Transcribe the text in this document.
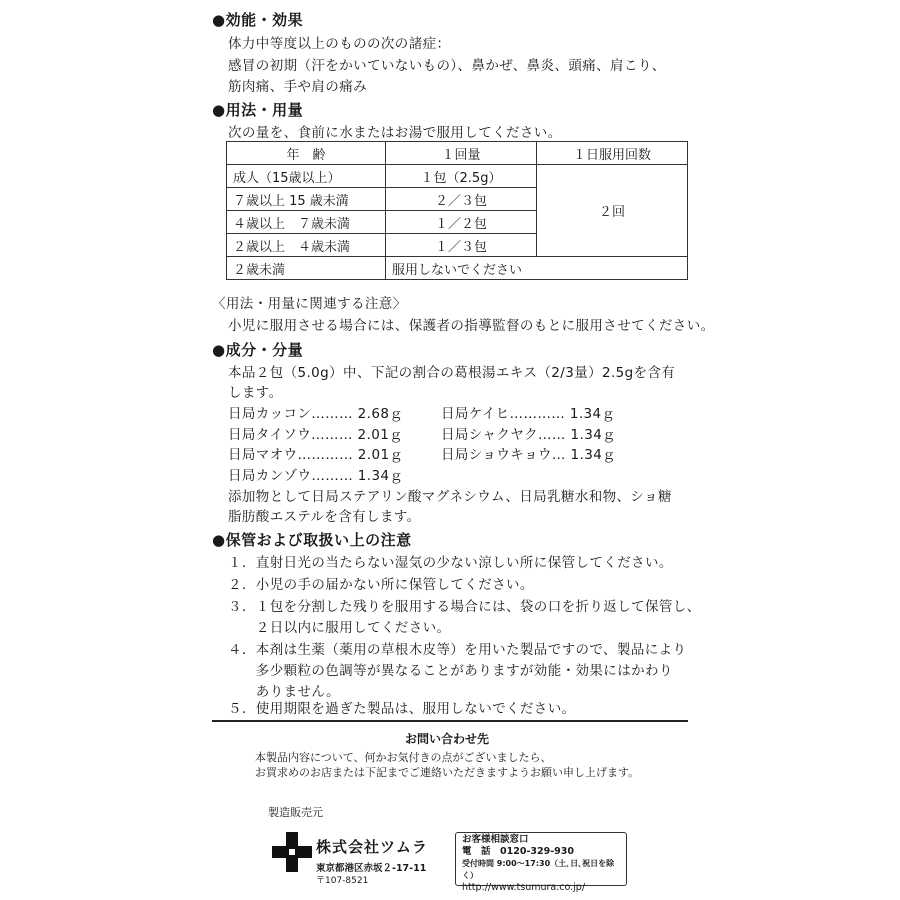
●効能・効果
体力中等度以上のものの次の諸症：
感冒の初期（汗をかいていないもの）、鼻かぜ、鼻炎、頭痛、肩こり、
筋肉痛、手や肩の痛み
●用法・用量
次の量を、食前に水またはお湯で服用してください。
年　齢	１回量	１日服用回数
成人（15歳以上）	１包（2.5g）	２回
７歳以上 15 歳未満	２／３包	
４歳以上　７歳未満	１／２包	
２歳以上　４歳未満	１／３包	
２歳未満	服用しないでください	
〈用法・用量に関連する注意〉
小児に服用させる場合には、保護者の指導監督のもとに服用させてください。
●成分・分量
本品２包（5.0g）中、下記の割合の葛根湯エキス（2/3量）2.5gを含有
します。
日局カッコン……… 2.68ｇ	日局ケイヒ………… 1.34ｇ
日局タイソウ……… 2.01ｇ	日局シャクヤク…… 1.34ｇ
日局マオウ………… 2.01ｇ	日局ショウキョウ… 1.34ｇ
日局カンゾウ……… 1.34ｇ
添加物として日局ステアリン酸マグネシウム、日局乳糖水和物、ショ糖
脂肪酸エステルを含有します。
●保管および取扱い上の注意
１．直射日光の当たらない湿気の少ない涼しい所に保管してください。
２．小児の手の届かない所に保管してください。
３．１包を分割した残りを服用する場合には、袋の口を折り返して保管し、
　　２日以内に服用してください。
４．本剤は生薬（薬用の草根木皮等）を用いた製品ですので、製品により
　　多少顆粒の色調等が異なることがありますが効能・効果にはかわり
　　ありません。
５．使用期限を過ぎた製品は、服用しないでください。
お問い合わせ先
本製品内容について、何かお気付きの点がございましたら、
お買求めのお店または下記までご連絡いただきますようお願い申し上げます。
製造販売元
株式会社ツムラ
東京都港区赤坂２-17-11
〒107-8521
お客様相談窓口
電　話　0120-329-930
受付時間 9:00〜17:30（土､日､祝日を除く）
http://www.tsumura.co.jp/
